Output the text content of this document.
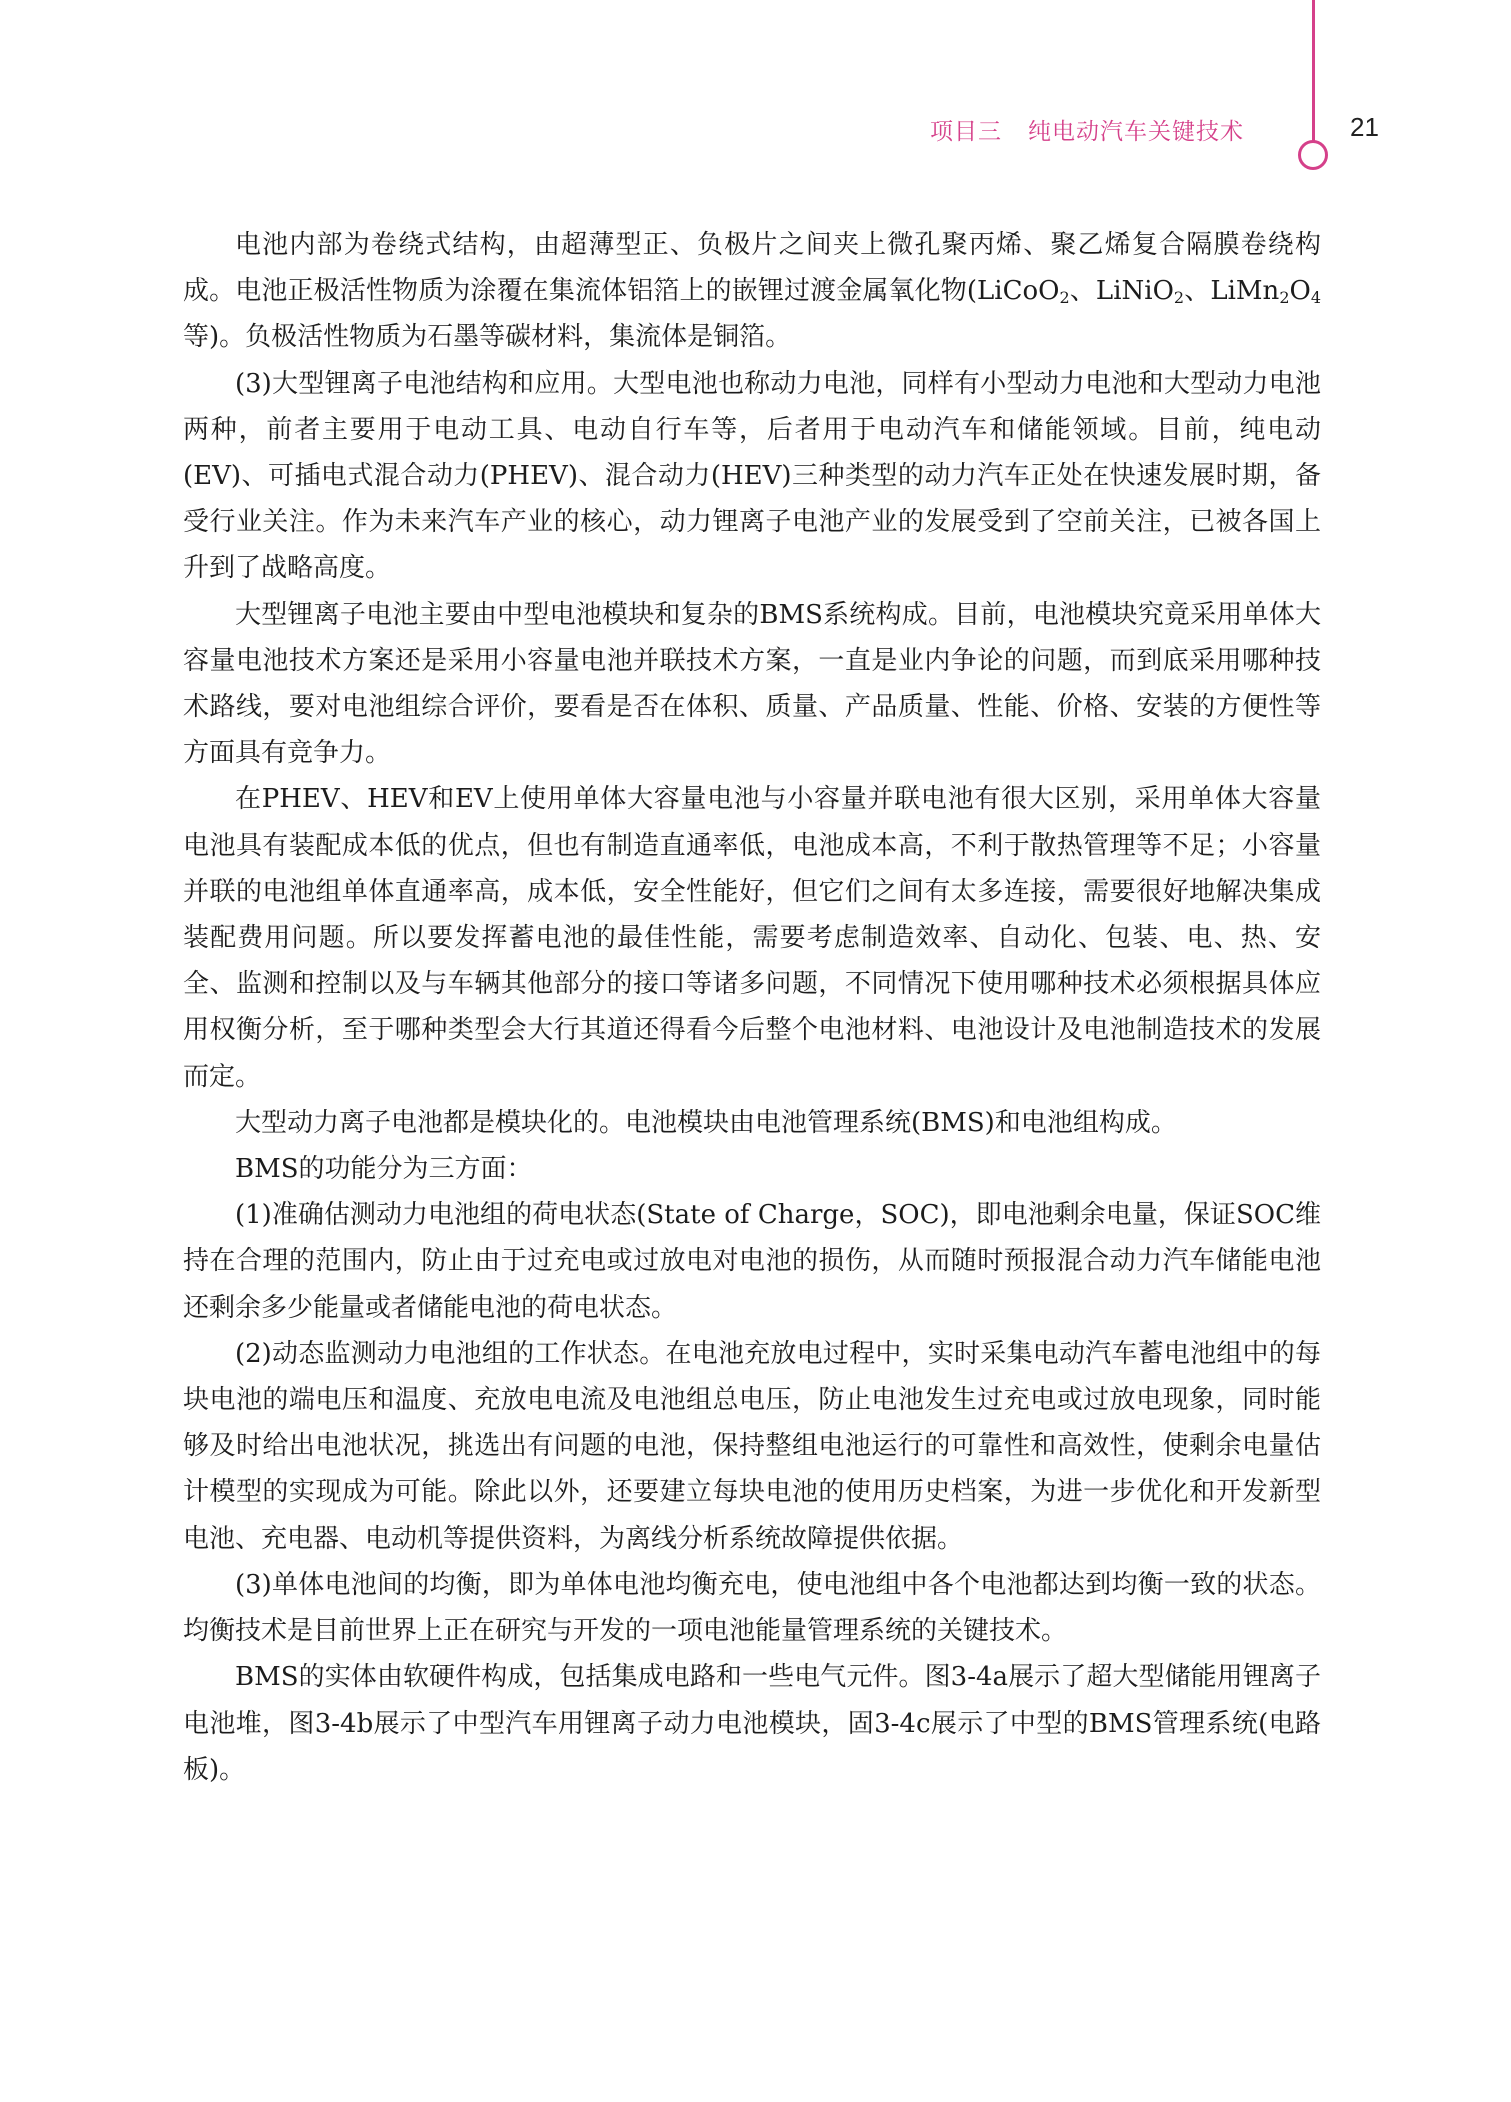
项目三 纯电动汽车关键技术	21

电池内部为卷绕式结构，由超薄型正、负极片之间夹上微孔聚丙烯、聚乙烯复合隔膜卷绕构成。电池正极活性物质为涂覆在集流体铝箔上的嵌锂过渡金属氧化物(LiCoO$_2$、LiNiO$_2$、$LiMn_2O_4$等)。负极活性物质为石墨等碳材料，集流体是铜箔。

(3)大型锂离子电池结构和应用。大型电池也称动力电池，同样有小型动力电池和大型动力电池两种，前者主要用于电动工具、电动自行车等，后者用于电动汽车和储能领域。目前，纯电动(EV)、可插电式混合动力(PHEV)、混合动力(HEV)三种类型的动力汽车正处在快速发展时期，备受行业关注。作为未来汽车产业的核心，动力锂离子电池产业的发展受到了空前关注，已被各国上升到了战略高度。

大型锂离子电池主要由中型电池模块和复杂的BMS系统构成。目前，电池模块究竟采用单体大容量电池技术方案还是采用小容量电池并联技术方案，一直是业内争论的问题，而到底采用哪种技术路线，要对电池组综合评价，要看是否在体积、质量、产品质量、性能、价格、安装的方便性等方面具有竞争力。

在PHEV、HEV和EV上使用单体大容量电池与小容量并联电池有很大区别，采用单体大容量电池具有装配成本低的优点，但也有制造直通率低，电池成本高，不利于散热管理等不足；小容量并联的电池组单体直通率高，成本低，安全性能好，但它们之间有太多连接，需要很好地解决集成装配费用问题。所以要发挥蓄电池的最佳性能，需要考虑制造效率、自动化、包装、电、热、安全、监测和控制以及与车辆其他部分的接口等诸多问题，不同情况下使用哪种技术必须根据具体应用权衡分析，至于哪种类型会大行其道还得看今后整个电池材料、电池设计及电池制造技术的发展而定。

大型动力离子电池都是模块化的。电池模块由电池管理系统(BMS)和电池组构成。

BMS的功能分为三方面：

(1)准确估测动力电池组的荷电状态(State of Charge，SOC)，即电池剩余电量，保证SOC维持在合理的范围内，防止由于过充电或过放电对电池的损伤，从而随时预报混合动力汽车储能电池还剩余多少能量或者储能电池的荷电状态。

(2)动态监测动力电池组的工作状态。在电池充放电过程中，实时采集电动汽车蓄电池组中的每块电池的端电压和温度、充放电电流及电池组总电压，防止电池发生过充电或过放电现象，同时能够及时给出电池状况，挑选出有问题的电池，保持整组电池运行的可靠性和高效性，使剩余电量估计模型的实现成为可能。除此以外，还要建立每块电池的使用历史档案，为进一步优化和开发新型电池、充电器、电动机等提供资料，为离线分析系统故障提供依据。

(3)单体电池间的均衡，即为单体电池均衡充电，使电池组中各个电池都达到均衡一致的状态。均衡技术是目前世界上正在研究与开发的一项电池能量管理系统的关键技术。

BMS的实体由软硬件构成，包括集成电路和一些电气元件。图3-4a展示了超大型储能用锂离子电池堆，图3-4b展示了中型汽车用锂离子动力电池模块，固3-4c展示了中型的BMS管理系统(电路板)。
